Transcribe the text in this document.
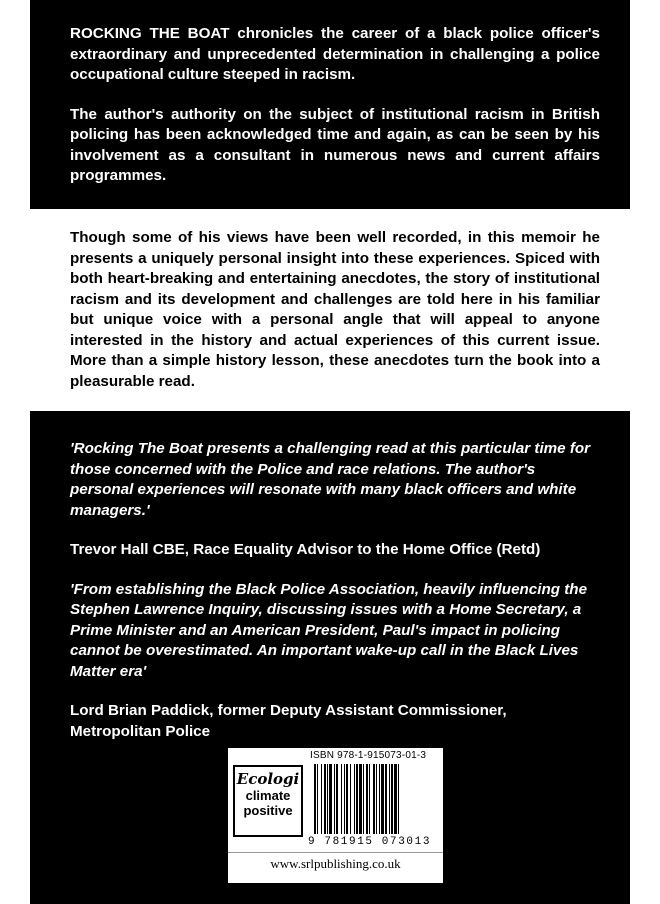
ROCKING THE BOAT chronicles the career of a black police officer's extraordinary and unprecedented determination in challenging a police occupational culture steeped in racism.

The author's authority on the subject of institutional racism in British policing has been acknowledged time and again, as can be seen by his involvement as a consultant in numerous news and current affairs programmes.

Though some of his views have been well recorded, in this memoir he presents a uniquely personal insight into these experiences. Spiced with both heart-breaking and entertaining anecdotes, the story of institutional racism and its development and challenges are told here in his familiar but unique voice with a personal angle that will appeal to anyone interested in the history and actual experiences of this current issue. More than a simple history lesson, these anecdotes turn the book into a pleasurable read.

'Rocking The Boat presents a challenging read at this particular time for those concerned with the Police and race relations. The author's personal experiences will resonate with many black officers and white managers.'

Trevor Hall CBE, Race Equality Advisor to the Home Office (Retd)

'From establishing the Black Police Association, heavily influencing the Stephen Lawrence Inquiry, discussing issues with a Home Secretary, a Prime Minister and an American President, Paul's impact in policing cannot be overestimated. An important wake-up call in the Black Lives Matter era'

Lord Brian Paddick, former Deputy Assistant Commissioner, Metropolitan Police

ISBN 978-1-915073-01-3
Ecologi
climate
positive
9 781915 073013
www.srlpublishing.co.uk
